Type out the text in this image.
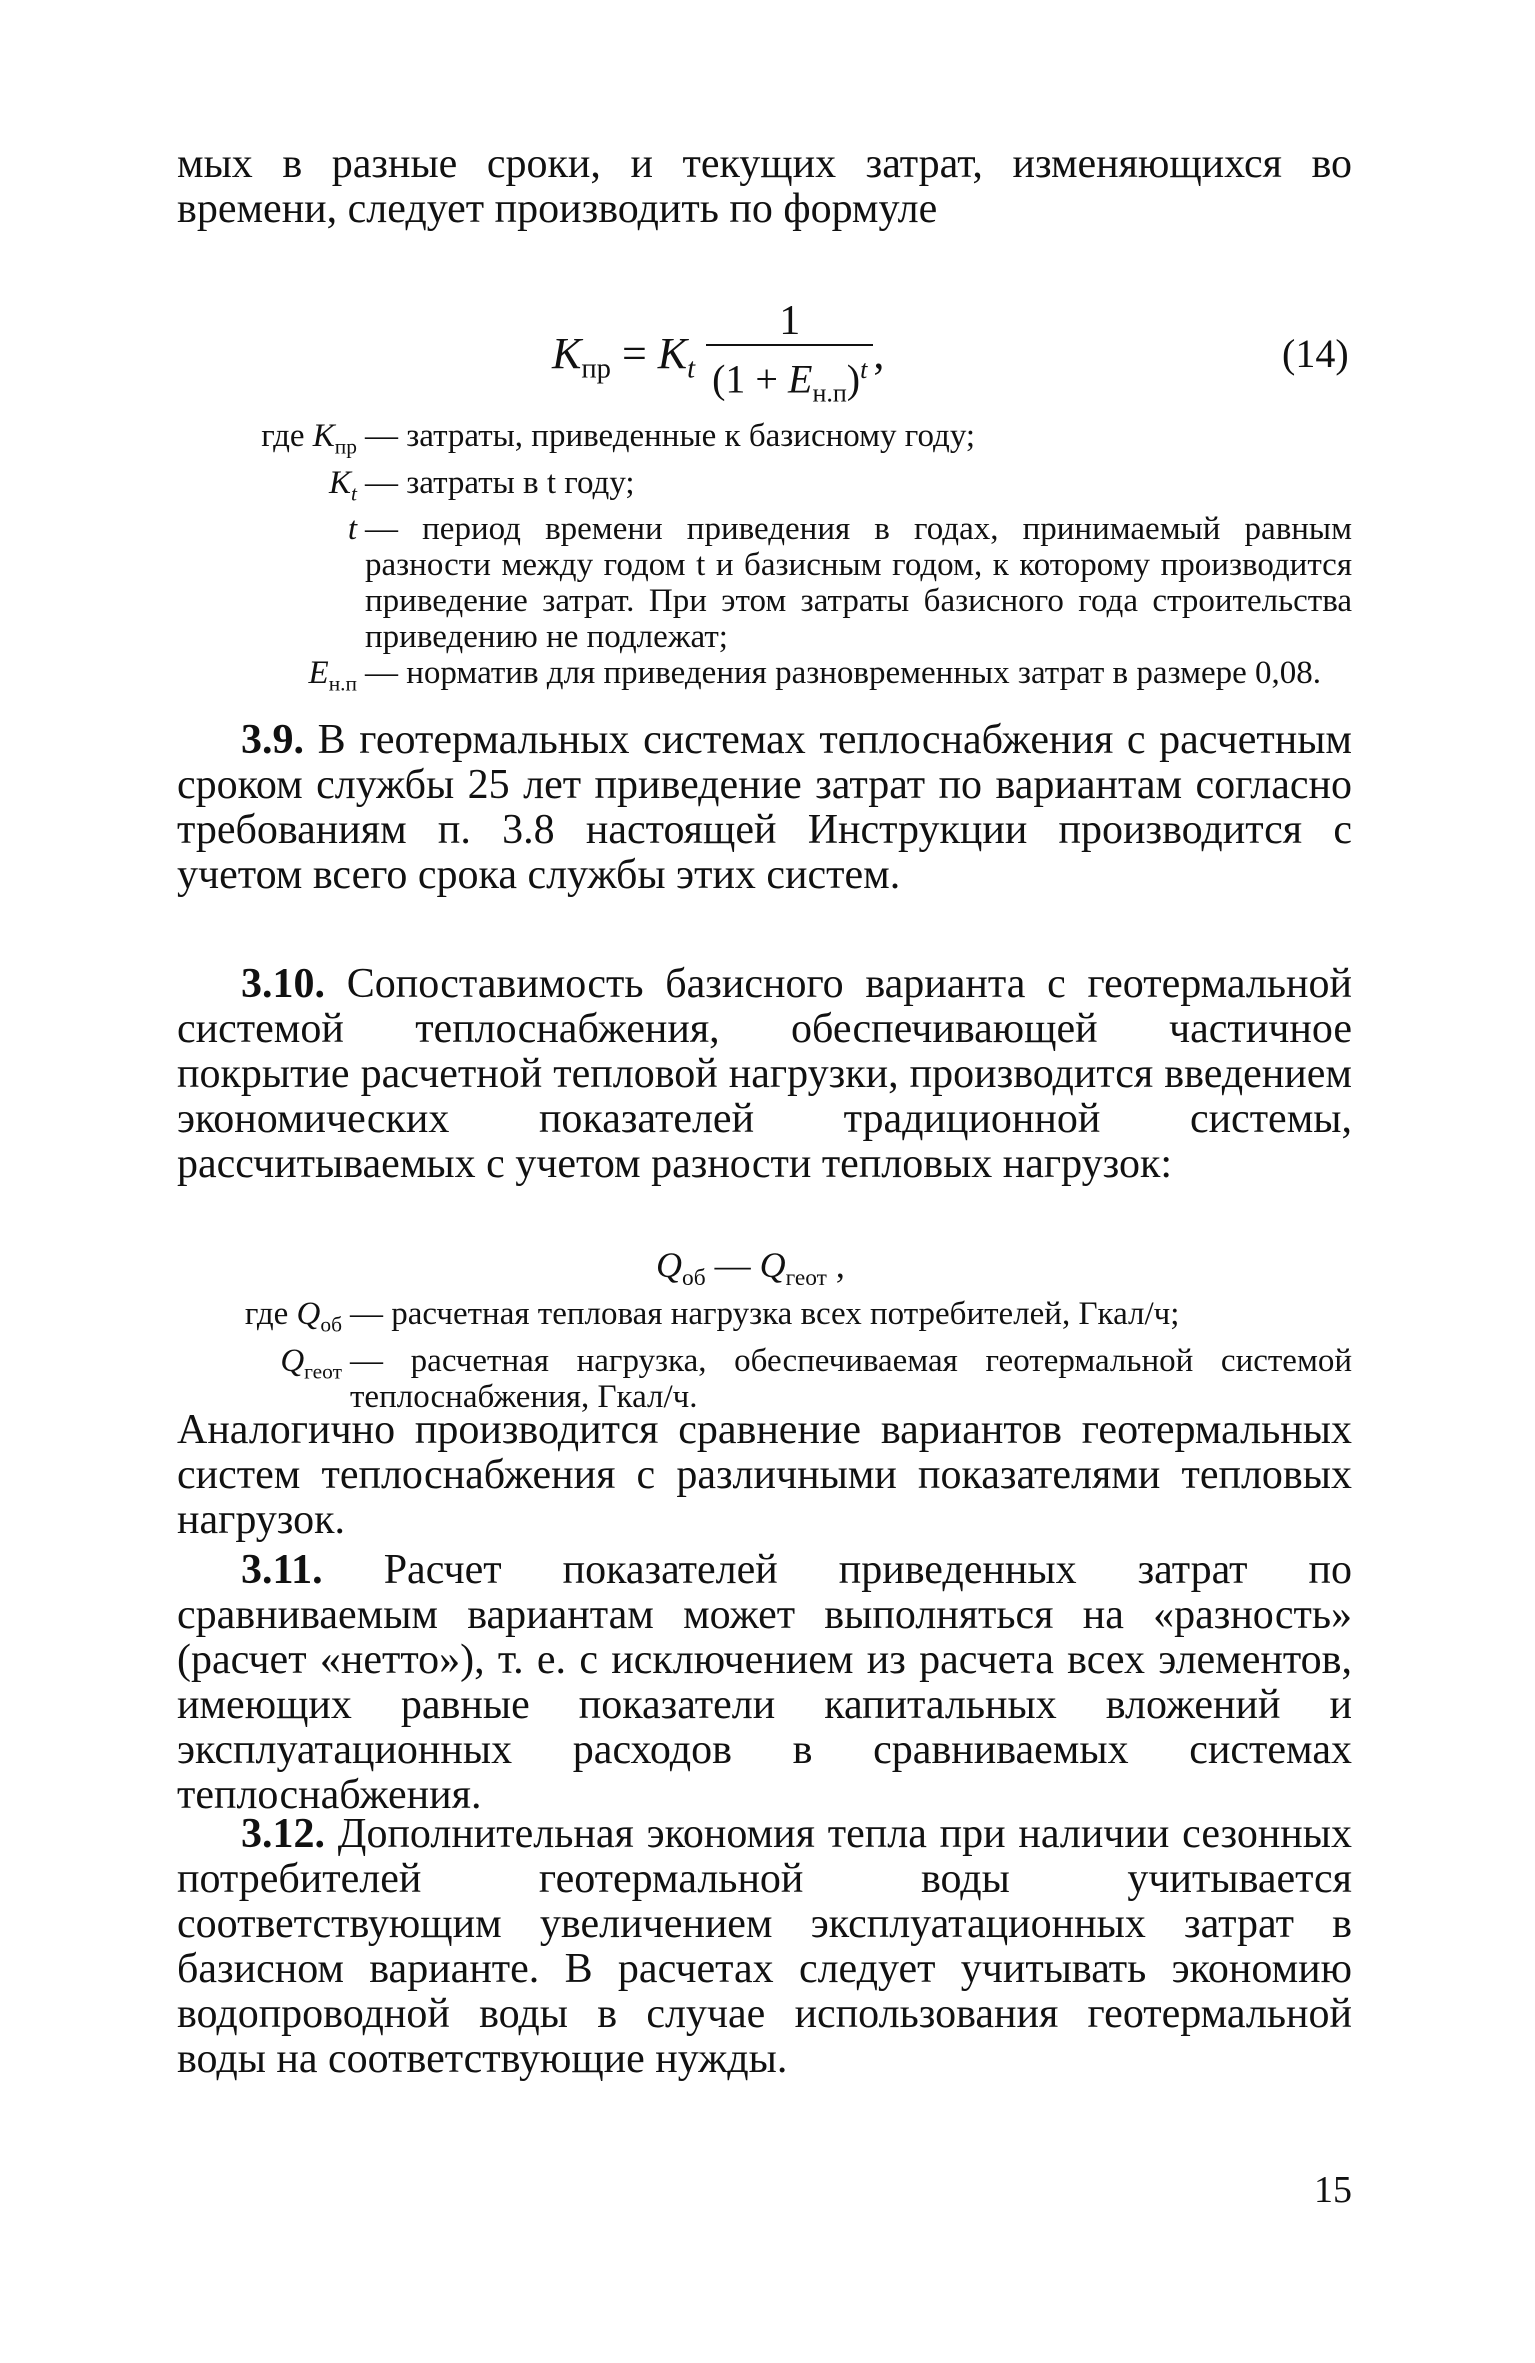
мых в разные сроки, и текущих затрат, изменяющихся во времени, следует производить по формуле
$K_{пр} = K_t \frac{1}{(1 + E_{н.п})^t}$ ,	(14)
где $K_{пр}$ — затраты, приведенные к базисному году;
$K_t$ — затраты в t году;
t — период времени приведения в годах, принимаемый равным разности между годом t и базисным годом, к которому производится приведение затрат. При этом затраты базисного года строительства приведению не подлежат;
$E_{н.п}$ — норматив для приведения разновременных затрат в размере 0,08.
3.9. В геотермальных системах теплоснабжения с расчетным сроком службы 25 лет приведение затрат по вариантам согласно требованиям п. 3.8 настоящей Инструкции производится с учетом всего срока службы этих систем.
3.10. Сопоставимость базисного варианта с геотермальной системой теплоснабжения, обеспечивающей частичное покрытие расчетной тепловой нагрузки, производится введением экономических показателей традиционной системы, рассчитываемых с учетом разности тепловых нагрузок:
$Q_{об}$ — $Q_{геот}$ ,
где $Q_{об}$ — расчетная тепловая нагрузка всех потребителей, Гкал/ч;
$Q_{геот}$ — расчетная нагрузка, обеспечиваемая геотермальной системой теплоснабжения, Гкал/ч.
Аналогично производится сравнение вариантов геотермальных систем теплоснабжения с различными показателями тепловых нагрузок.
3.11. Расчет показателей приведенных затрат по сравниваемым вариантам может выполняться на «разность» (расчет «нетто»), т. е. с исключением из расчета всех элементов, имеющих равные показатели капитальных вложений и эксплуатационных расходов в сравниваемых системах теплоснабжения.
3.12. Дополнительная экономия тепла при наличии сезонных потребителей геотермальной воды учитывается соответствующим увеличением эксплуатационных затрат в базисном варианте. В расчетах следует учитывать экономию водопроводной воды в случае использования геотермальной воды на соответствующие нужды.
15
